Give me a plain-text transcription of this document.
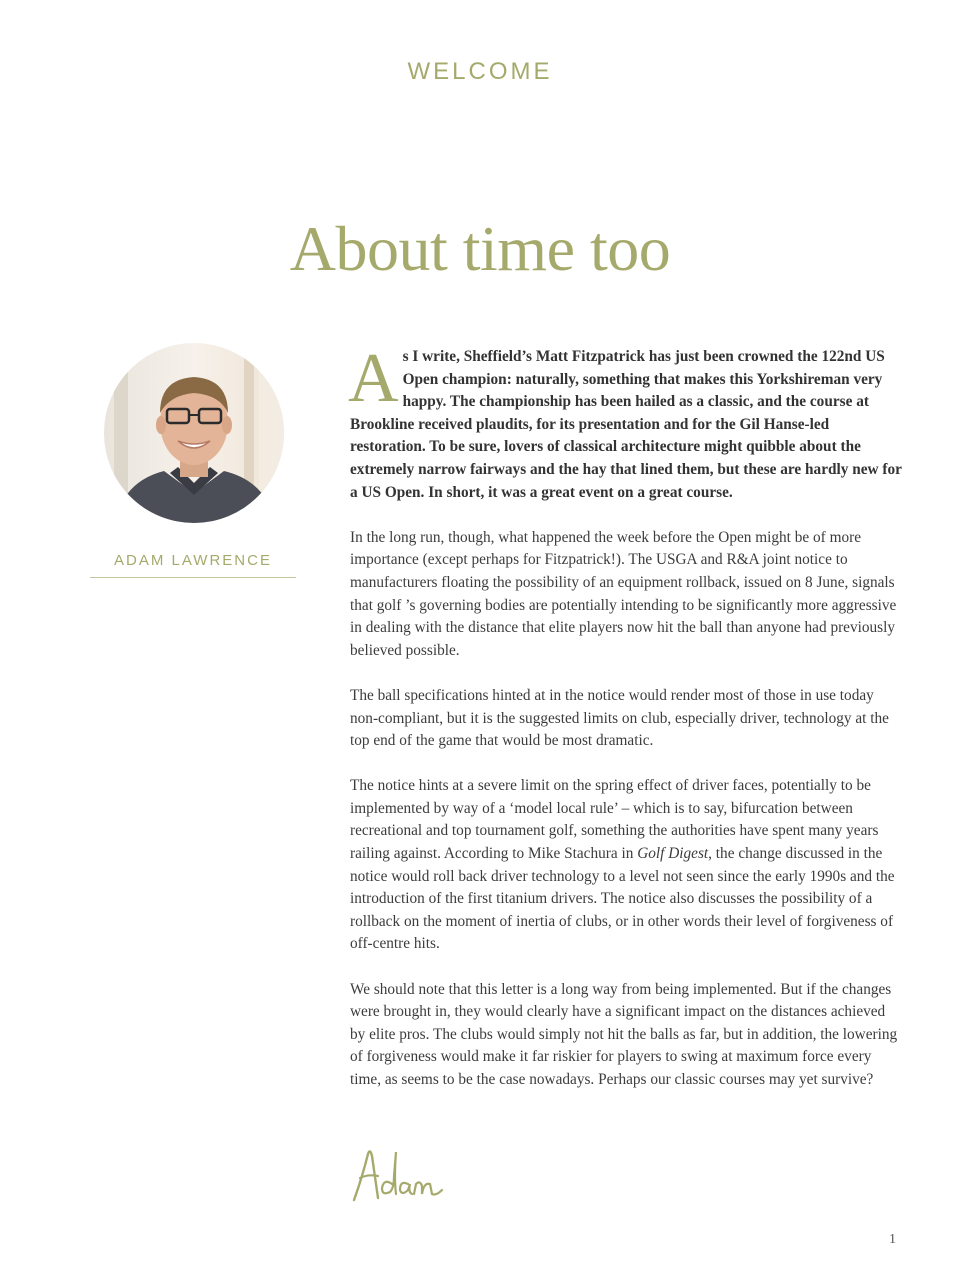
WELCOME
About time too
ADAM LAWRENCE

As I write, Sheffield’s Matt Fitzpatrick has just been crowned the 122nd US Open champion: naturally, something that makes this Yorkshireman very happy. The championship has been hailed as a classic, and the course at Brookline received plaudits, for its presentation and for the Gil Hanse-led restoration. To be sure, lovers of classical architecture might quibble about the extremely narrow fairways and the hay that lined them, but these are hardly new for a US Open. In short, it was a great event on a great course.

In the long run, though, what happened the week before the Open might be of more importance (except perhaps for Fitzpatrick!). The USGA and R&A joint notice to manufacturers floating the possibility of an equipment rollback, issued on 8 June, signals that golf ’s governing bodies are potentially intending to be significantly more aggressive in dealing with the distance that elite players now hit the ball than anyone had previously believed possible.

The ball specifications hinted at in the notice would render most of those in use today non-compliant, but it is the suggested limits on club, especially driver, technology at the top end of the game that would be most dramatic.

The notice hints at a severe limit on the spring effect of driver faces, potentially to be implemented by way of a ‘model local rule’ – which is to say, bifurcation between recreational and top tournament golf, something the authorities have spent many years railing against. According to Mike Stachura in Golf Digest, the change discussed in the notice would roll back driver technology to a level not seen since the early 1990s and the introduction of the first titanium drivers. The notice also discusses the possibility of a rollback on the moment of inertia of clubs, or in other words their level of forgiveness of off-centre hits.

We should note that this letter is a long way from being implemented. But if the changes were brought in, they would clearly have a significant impact on the distances achieved by elite pros. The clubs would simply not hit the balls as far, but in addition, the lowering of forgiveness would make it far riskier for players to swing at maximum force every time, as seems to be the case nowadays. Perhaps our classic courses may yet survive?

1
